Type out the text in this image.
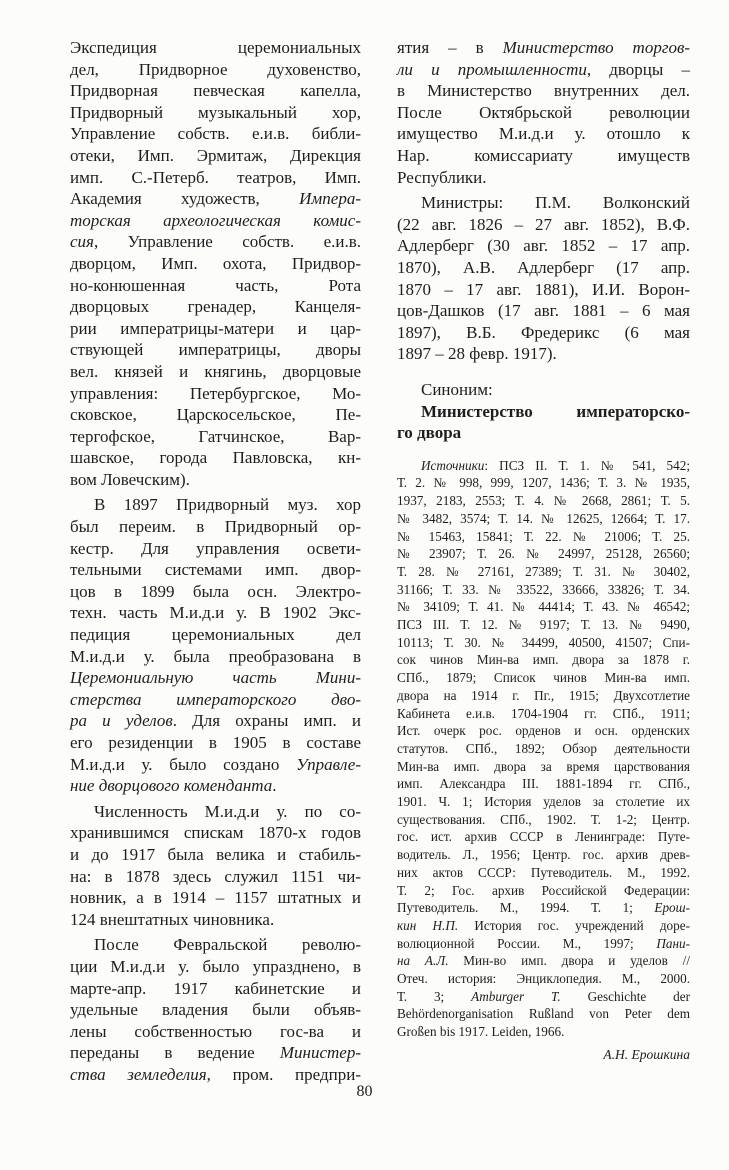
Экспедиция церемониальных
дел, Придворное духовенство,
Придворная певческая капелла,
Придворный музыкальный хор,
Управление собств. е.и.в. библи-
отеки, Имп. Эрмитаж, Дирекция
имп. С.-Петерб. театров, Имп.
Академия художеств, Импера-
торская археологическая комис-
сия, Управление собств. е.и.в.
дворцом, Имп. охота, Придвор-
но-конюшенная часть, Рота
дворцовых гренадер, Канцеля-
рии императрицы-матери и цар-
ствующей императрицы, дворы
вел. князей и княгинь, дворцовые
управления: Петербургское, Мо-
сковское, Царскосельское, Пе-
тергофское, Гатчинское, Вар-
шавское, города Павловска, кн-
вом Ловечским).
В 1897 Придворный муз. хор
был переим. в Придворный ор-
кестр. Для управления освети-
тельными системами имп. двор-
цов в 1899 была осн. Электро-
техн. часть М.и.д.и у. В 1902 Экс-
педиция церемониальных дел
М.и.д.и у. была преобразована в
Церемониальную часть Мини-
стерства императорского дво-
ра и уделов. Для охраны имп. и
его резиденции в 1905 в составе
М.и.д.и у. было создано Управле-
ние дворцового коменданта.
Численность М.и.д.и у. по со-
хранившимся спискам 1870-х годов
и до 1917 была велика и стабиль-
на: в 1878 здесь служил 1151 чи-
новник, а в 1914 – 1157 штатных и
124 внештатных чиновника.
После Февральской револю-
ции М.и.д.и у. было упразднено, в
марте-апр. 1917 кабинетские и
удельные владения были объяв-
лены собственностью гос-ва и
переданы в ведение Министер-
ства земледелия, пром. предпри-
ятия – в Министерство торгов-
ли и промышленности, дворцы –
в Министерство внутренних дел.
После Октябрьской революции
имущество М.и.д.и у. отошло к
Нар. комиссариату имуществ
Республики.
Министры: П.М. Волконский
(22 авг. 1826 – 27 авг. 1852), В.Ф.
Адлерберг (30 авг. 1852 – 17 апр.
1870), А.В. Адлерберг (17 апр.
1870 – 17 авг. 1881), И.И. Ворон-
цов-Дашков (17 авг. 1881 – 6 мая
1897), В.Б. Фредерикс (6 мая
1897 – 28 февр. 1917).
Синоним:
Министерство императорско-
го двора
Источники: ПСЗ II. Т. 1. № 541, 542;
Т. 2. № 998, 999, 1207, 1436; Т. 3. № 1935,
1937, 2183, 2553; Т. 4. № 2668, 2861; Т. 5.
№ 3482, 3574; Т. 14. № 12625, 12664; Т. 17.
№ 15463, 15841; Т. 22. № 21006; Т. 25.
№ 23907; Т. 26. № 24997, 25128, 26560;
Т. 28. № 27161, 27389; Т. 31. № 30402,
31166; Т. 33. № 33522, 33666, 33826; Т. 34.
№ 34109; Т. 41. № 44414; Т. 43. № 46542;
ПСЗ III. Т. 12. № 9197; Т. 13. № 9490,
10113; Т. 30. № 34499, 40500, 41507; Спи-
сок чинов Мин-ва имп. двора за 1878 г.
СПб., 1879; Список чинов Мин-ва имп.
двора на 1914 г. Пг., 1915; Двухсотлетие
Кабинета е.и.в. 1704-1904 гг. СПб., 1911;
Ист. очерк рос. орденов и осн. орденских
статутов. СПб., 1892; Обзор деятельности
Мин-ва имп. двора за время царствования
имп. Александра III. 1881-1894 гг. СПб.,
1901. Ч. 1; История уделов за столетие их
существования. СПб., 1902. Т. 1-2; Центр.
гос. ист. архив СССР в Ленинграде: Путе-
водитель. Л., 1956; Центр. гос. архив древ-
них актов СССР: Путеводитель. М., 1992.
Т. 2; Гос. архив Российской Федерации:
Путеводитель. М., 1994. Т. 1; Ерош-
кин Н.П. История гос. учреждений доре-
волюционной России. М., 1997; Пани-
на А.Л. Мин-во имп. двора и уделов //
Отеч. история: Энциклопедия. М., 2000.
Т. 3; Amburger T. Geschichte der
Behördenorganisation Rußland von Peter dem
Großen bis 1917. Leiden, 1966.
А.Н. Ерошкина
80
